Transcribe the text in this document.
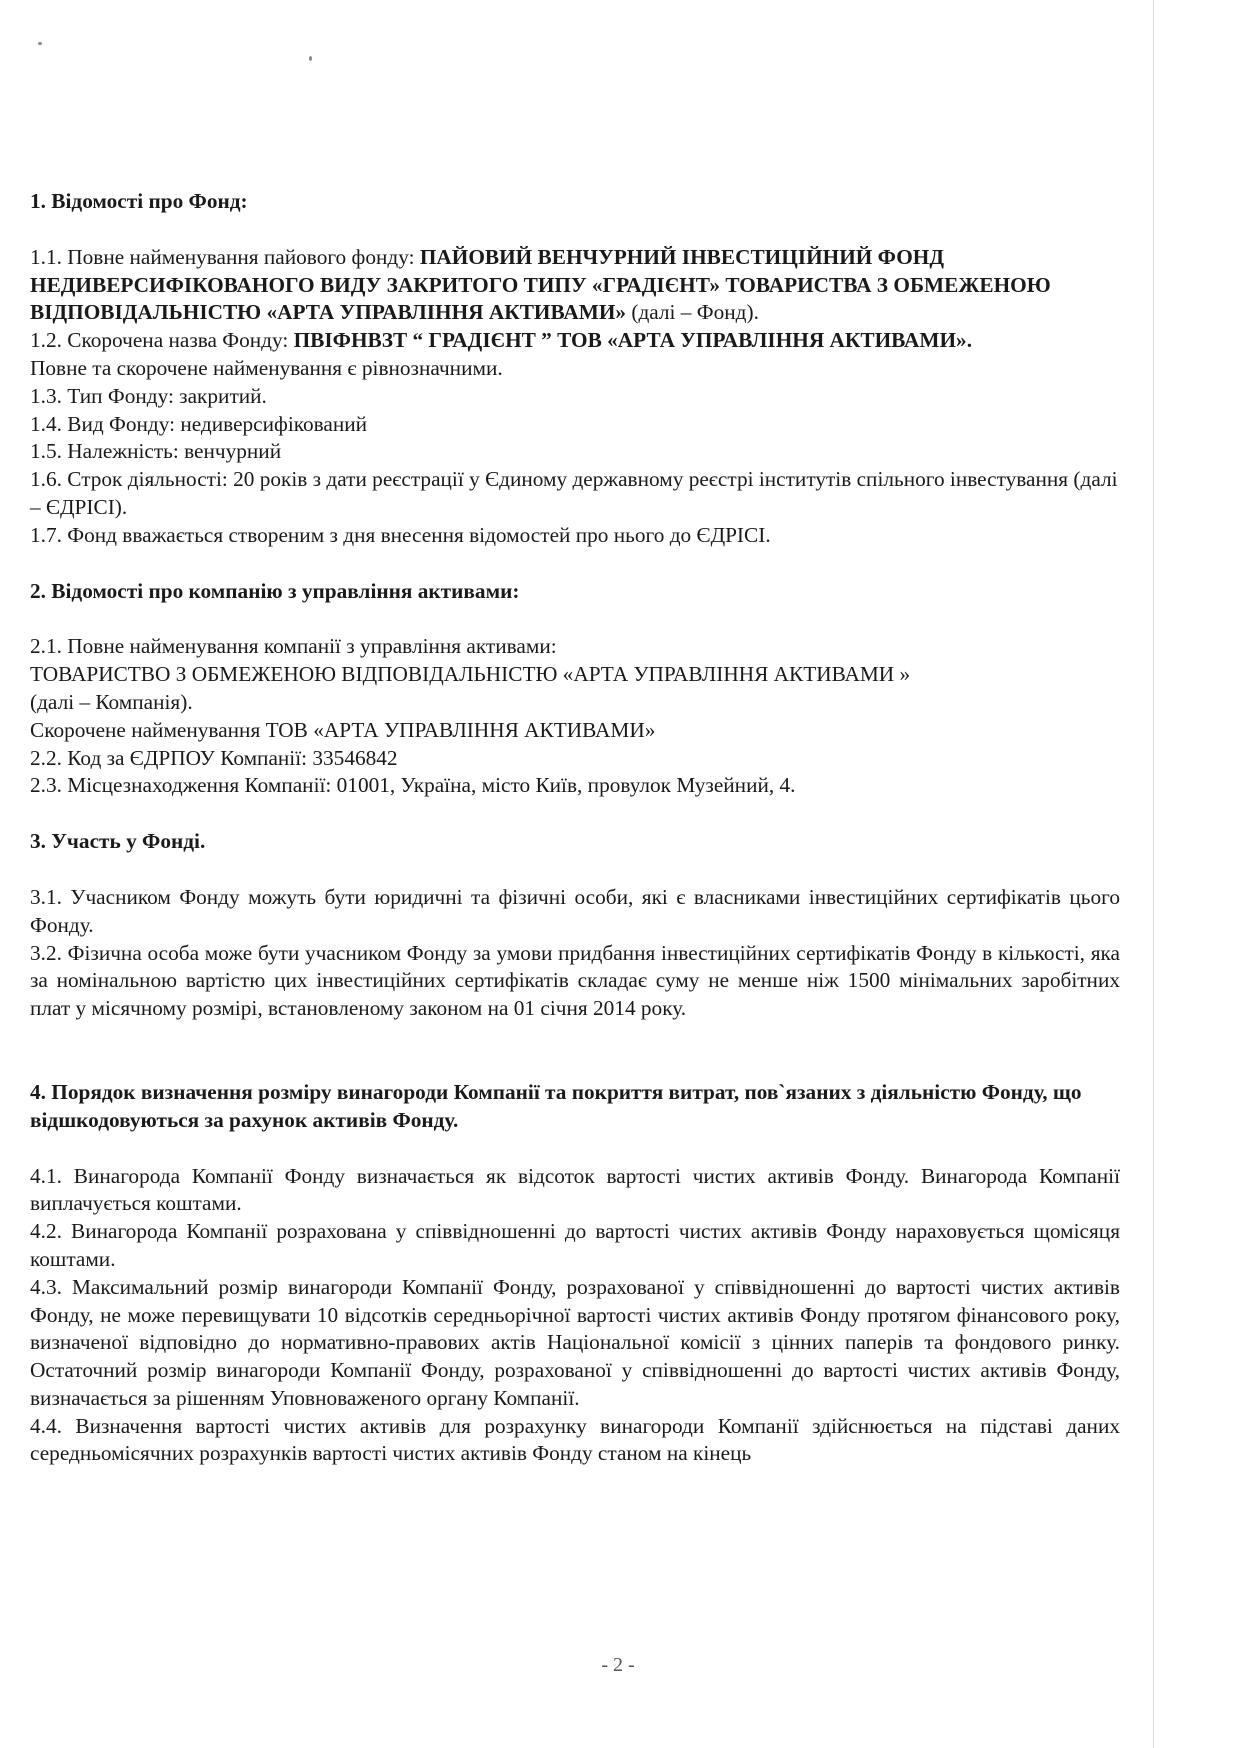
1. Відомості про Фонд:

1.1. Повне найменування пайового фонду: ПАЙОВИЙ ВЕНЧУРНИЙ ІНВЕСТИЦІЙНИЙ ФОНД НЕДИВЕРСИФІКОВАНОГО ВИДУ ЗАКРИТОГО ТИПУ «ГРАДІЄНТ» ТОВАРИСТВА З ОБМЕЖЕНОЮ ВІДПОВІДАЛЬНІСТЮ «АРТА УПРАВЛІННЯ АКТИВАМИ» (далі – Фонд).

1.2. Скорочена назва Фонду: ПВІФНВЗТ “ ГРАДІЄНТ ” ТОВ «АРТА УПРАВЛІННЯ АКТИВАМИ».

Повне та скорочене найменування є рівнозначними.

1.3. Тип Фонду: закритий.

1.4. Вид Фонду: недиверсифікований

1.5. Належність: венчурний

1.6. Строк діяльності: 20 років з дати реєстрації у Єдиному державному реєстрі інститутів спільного інвестування (далі – ЄДРІСІ).

1.7. Фонд вважається створеним з дня внесення відомостей про нього до ЄДРІСІ.

2. Відомості про компанію з управління активами:

2.1. Повне найменування компанії з управління активами:

ТОВАРИСТВО З ОБМЕЖЕНОЮ ВІДПОВІДАЛЬНІСТЮ «АРТА УПРАВЛІННЯ АКТИВАМИ »

(далі – Компанія).

Скорочене найменування ТОВ «АРТА УПРАВЛІННЯ АКТИВАМИ»

2.2. Код за ЄДРПОУ Компанії: 33546842

2.3. Місцезнаходження Компанії: 01001, Україна, місто Київ, провулок Музейний, 4.

3. Участь у Фонді.

3.1. Учасником Фонду можуть бути юридичні та фізичні особи, які є власниками інвестиційних сертифікатів цього Фонду.

3.2. Фізична особа може бути учасником Фонду за умови придбання інвестиційних сертифікатів Фонду в кількості, яка за номінальною вартістю цих інвестиційних сертифікатів складає суму не менше ніж 1500 мінімальних заробітних плат у місячному розмірі, встановленому законом на 01 січня 2014 року.

4. Порядок визначення розміру винагороди Компанії та покриття витрат, пов`язаних з діяльністю Фонду, що відшкодовуються за рахунок активів Фонду.

4.1. Винагорода Компанії Фонду визначається як відсоток вартості чистих активів Фонду. Винагорода Компанії виплачується коштами.

4.2. Винагорода Компанії розрахована у співвідношенні до вартості чистих активів Фонду нараховується щомісяця коштами.

4.3. Максимальний розмір винагороди Компанії Фонду, розрахованої у співвідношенні до вартості чистих активів Фонду, не може перевищувати 10 відсотків середньорічної вартості чистих активів Фонду протягом фінансового року, визначеної відповідно до нормативно-правових актів Національної комісії з цінних паперів та фондового ринку. Остаточний розмір винагороди Компанії Фонду, розрахованої у співвідношенні до вартості чистих активів Фонду, визначається за рішенням Уповноваженого органу Компанії.

4.4. Визначення вартості чистих активів для розрахунку винагороди Компанії здійснюється на підставі даних середньомісячних розрахунків вартості чистих активів Фонду станом на кінець

- 2 -
